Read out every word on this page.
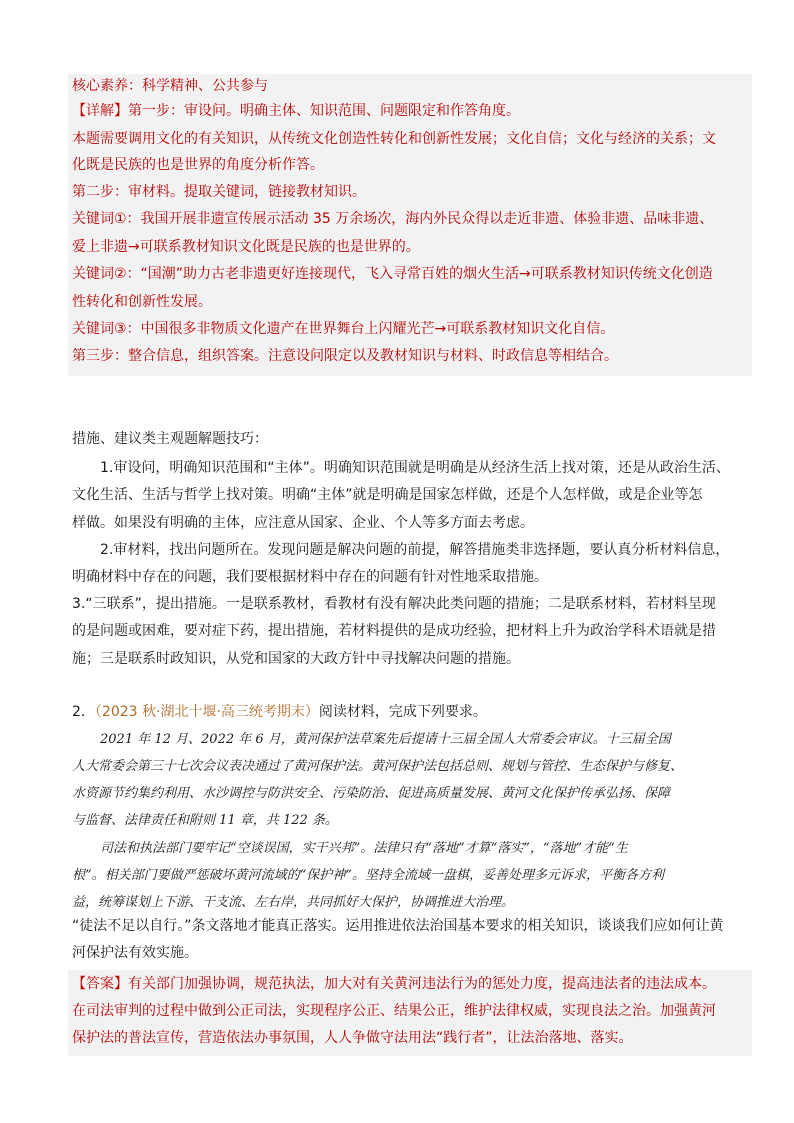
核心素养：科学精神、公共参与
【详解】第一步：审设问。明确主体、知识范围、问题限定和作答角度。
本题需要调用文化的有关知识，从传统文化创造性转化和创新性发展；文化自信；文化与经济的关系；文
化既是民族的也是世界的角度分析作答。
第二步：审材料。提取关键词，链接教材知识。
关键词①：我国开展非遗宣传展示活动 35 万余场次，海内外民众得以走近非遗、体验非遗、品味非遗、
爱上非遗→可联系教材知识文化既是民族的也是世界的。
关键词②：“国潮”助力古老非遗更好连接现代，飞入寻常百姓的烟火生活→可联系教材知识传统文化创造
性转化和创新性发展。
关键词③：中国很多非物质文化遗产在世界舞台上闪耀光芒→可联系教材知识文化自信。
第三步：整合信息，组织答案。注意设问限定以及教材知识与材料、时政信息等相结合。
措施、建议类主观题解题技巧：
1.审设问，明确知识范围和“主体”。明确知识范围就是明确是从经济生活上找对策，还是从政治生活、
文化生活、生活与哲学上找对策。明确“主体”就是明确是国家怎样做，还是个人怎样做，或是企业等怎
样做。如果没有明确的主体，应注意从国家、企业、个人等多方面去考虑。
2.审材料，找出问题所在。发现问题是解决问题的前提，解答措施类非选择题，要认真分析材料信息，
明确材料中存在的问题，我们要根据材料中存在的问题有针对性地采取措施。
3.“三联系”，提出措施。一是联系教材，看教材有没有解决此类问题的措施；二是联系材料，若材料呈现
的是问题或困难，要对症下药，提出措施，若材料提供的是成功经验，把材料上升为政治学科术语就是措
施；三是联系时政知识，从党和国家的大政方针中寻找解决问题的措施。
2．（2023 秋·湖北十堰·高三统考期末）阅读材料，完成下列要求。
2021 年 12 月、2022 年 6 月，黄河保护法草案先后提请十三届全国人大常委会审议。十三届全国
人大常委会第三十七次会议表决通过了黄河保护法。黄河保护法包括总则、规划与管控、生态保护与修复、
水资源节约集约利用、水沙调控与防洪安全、污染防治、促进高质量发展、黄河文化保护传承弘扬、保障
与监督、法律责任和附则 11 章，共 122 条。
司法和执法部门要牢记“空谈误国，实干兴邦”。法律只有“落地”才算“落实”，“落地”才能“生
根”。相关部门要做严惩破坏黄河流域的“保护神”。坚持全流域一盘棋，妥善处理多元诉求，平衡各方利
益，统筹谋划上下游、干支流、左右岸，共同抓好大保护，协调推进大治理。
“徒法不足以自行。”条文落地才能真正落实。运用推进依法治国基本要求的相关知识，谈谈我们应如何让黄
河保护法有效实施。
【答案】有关部门加强协调，规范执法，加大对有关黄河违法行为的惩处力度，提高违法者的违法成本。
在司法审判的过程中做到公正司法，实现程序公正、结果公正，维护法律权威，实现良法之治。加强黄河
保护法的普法宣传，营造依法办事氛围，人人争做守法用法“践行者”，让法治落地、落实。
